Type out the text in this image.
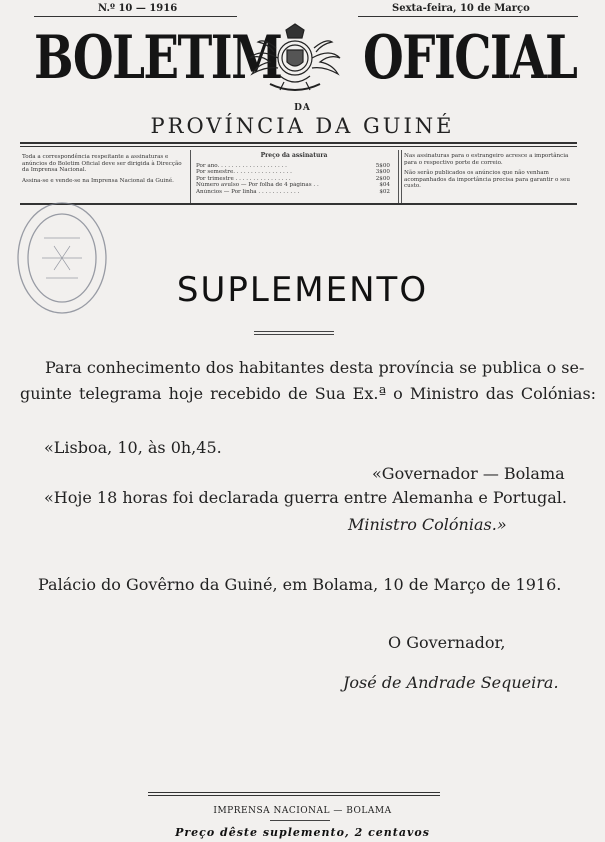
N.º 10 — 1916	Sexta-feira, 10 de Março
BOLETIM OFICIAL
DA
PROVÍNCIA DA GUINÉ

Toda a correspondência respeitante a assinaturas e anúncios do Boletim Oficial deve ser dirigida à Direcção da Imprensa Nacional.

Assina-se e vende-se na Imprensa Nacional da Guiné.

Preço da assinatura
Por ano. . . . . . . . . . . . . . . . . . . .	5$00
Por semestre. . . . . . . . . . . . . . . . .	3$00
Por trimestre . . . . . . . . . . . . . . . .	2$00
Número avulso — Por folha de 4 páginas . .	$04
Anúncios — Por linha . . . . . . . . . . . .	$02

Nas assinaturas para o estrangeiro acresce a importância para o respectivo porte de correio.

Não serão publicados os anúncios que não venham acompanhados da importância precisa para garantir o seu custo.

SUPLEMENTO
Para conhecimento dos habitantes desta província se publica o se-
guinte telegrama hoje recebido de Sua Ex.ª o Ministro das Colónias:
«Lisboa, 10, às 0h,45.
«Governador — Bolama
«Hoje 18 horas foi declarada guerra entre Alemanha e Portugal.
Ministro Colónias.»
Palácio do Govêrno da Guiné, em Bolama, 10 de Março de 1916.
O Governador,
José de Andrade Sequeira.
IMPRENSA NACIONAL — BOLAMA
Preço dêste suplemento, 2 centavos
